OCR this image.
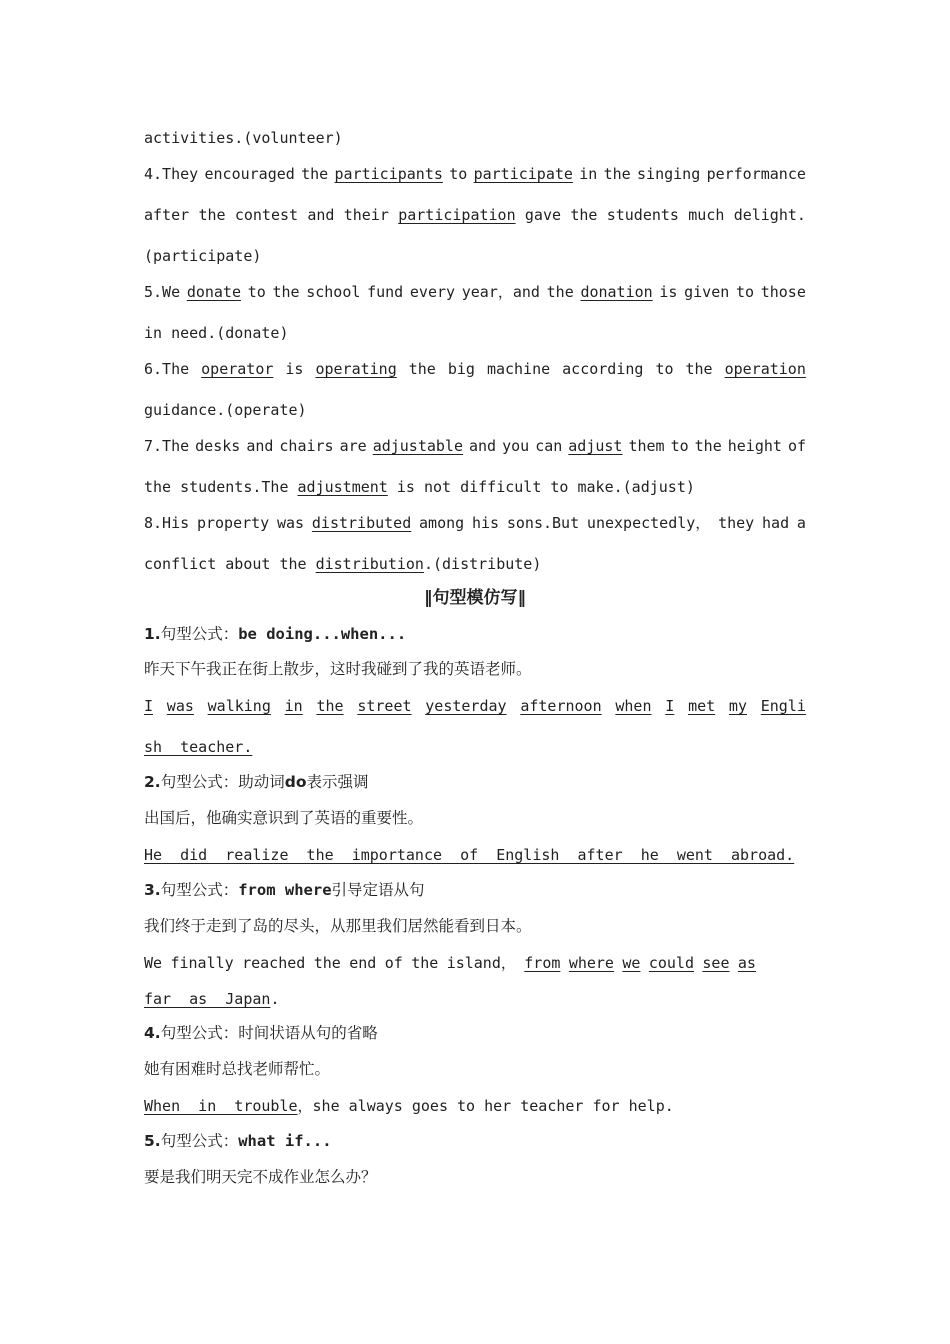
activities.(volunteer)
4.They encouraged the participants to participate in the singing performance
after the contest and their participation gave the students much delight.
(participate)
5.We donate to the school fund every year，and the donation is given to those
in need.(donate)
6.The operator is operating the big machine according to the operation
guidance.(operate)
7.The desks and chairs are adjustable and you can adjust them to the height of
the students.The adjustment is not difficult to make.(adjust)
8.His property was distributed among his sons.But unexpectedly， they had a
conflict about the distribution.(distribute)
‖句型模仿写‖
1.句型公式：be doing...when...
昨天下午我正在街上散步，这时我碰到了我的英语老师。
I was walking in the street yesterday afternoon when I met my Engli
sh  teacher.
2.句型公式：助动词do表示强调
出国后，他确实意识到了英语的重要性。
He  did  realize  the  importance  of  English  after  he  went  abroad.
3.句型公式：from where引导定语从句
我们终于走到了岛的尽头，从那里我们居然能看到日本。
We finally reached the end of the island， from where we could see as
far  as  Japan.
4.句型公式：时间状语从句的省略
她有困难时总找老师帮忙。
When  in  trouble，she always goes to her teacher for help.
5.句型公式：what if...
要是我们明天完不成作业怎么办？
